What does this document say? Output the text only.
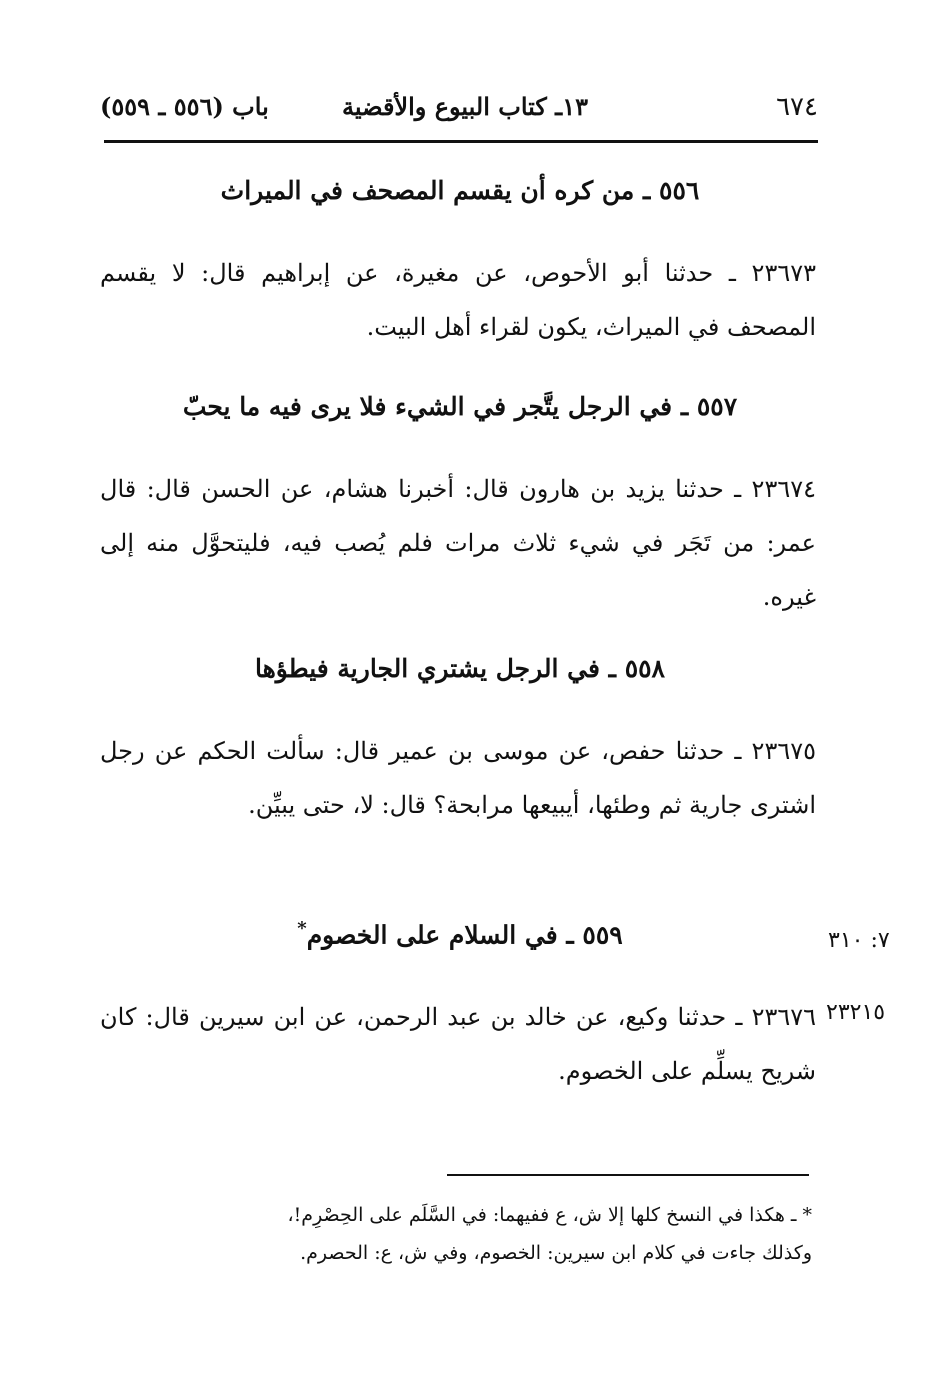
٦٧٤
١٣ـ كتاب البيوع والأقضية
باب (٥٥٦ ـ ٥٥٩)
٥٥٦ ـ من كره أن يقسم المصحف في الميراث
٢٣٦٧٣ ـ حدثنا أبو الأحوص، عن مغيرة، عن إبراهيم قال: لا يقسم المصحف في الميراث، يكون لقراء أهل البيت.
٥٥٧ ـ في الرجل يتَّجر في الشيء فلا يرى فيه ما يحبّ
٢٣٦٧٤ ـ حدثنا يزيد بن هارون قال: أخبرنا هشام، عن الحسن قال: قال عمر: من تَجَر في شيء ثلاث مرات فلم يُصب فيه، فليتحوَّل منه إلى غيره.
٥٥٨ ـ في الرجل يشتري الجارية فيطؤها
٢٣٦٧٥ ـ حدثنا حفص، عن موسى بن عمير قال: سألت الحكم عن رجل اشترى جارية ثم وطئها، أيبيعها مرابحة؟ قال: لا، حتى يبيِّن.
٥٥٩ ـ في السلام على الخصوم*	٧: ٣١٠
٢٣٦٧٦ ـ حدثنا وكيع، عن خالد بن عبد الرحمن، عن ابن سيرين قال: كان شريح يسلِّم على الخصوم.
٢٣٢١٥
* ـ هكذا في النسخ كلها إلا ش، ع ففيهما: في السَّلَم على الحِصْرِم!،
وكذلك جاءت في كلام ابن سيرين: الخصوم، وفي ش، ع: الحصرم.
